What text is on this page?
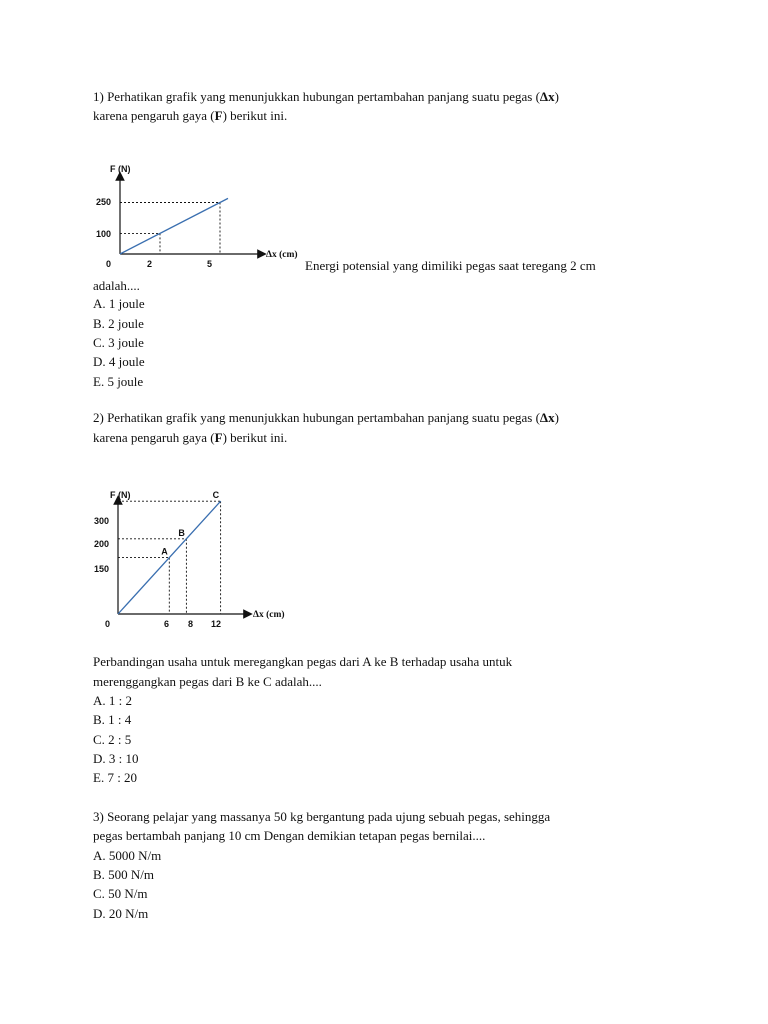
1) Perhatikan grafik yang menunjukkan hubungan pertambahan panjang suatu pegas (Δx)
karena pengaruh gaya (F) berikut ini.
F (N)
Δx (cm)
250
100
0	2	5	Energi potensial yang dimiliki pegas saat teregang 2 cm
adalah....
A. 1 joule
B. 2 joule
C. 3 joule
D. 4 joule
E. 5 joule
2) Perhatikan grafik yang menunjukkan hubungan pertambahan panjang suatu pegas (Δx)
karena pengaruh gaya (F) berikut ini.
A
B
C
F (N)
Δx (cm)
300
200
150
0	6 8 12
Perbandingan usaha untuk meregangkan pegas dari A ke B terhadap usaha untuk
merenggangkan pegas dari B ke C adalah....
A. 1 : 2
B. 1 : 4
C. 2 : 5
D. 3 : 10
E. 7 : 20
3) Seorang pelajar yang massanya 50 kg bergantung pada ujung sebuah pegas, sehingga
pegas bertambah panjang 10 cm Dengan demikian tetapan pegas bernilai....
A. 5000 N/m
B. 500 N/m
C. 50 N/m
D. 20 N/m
